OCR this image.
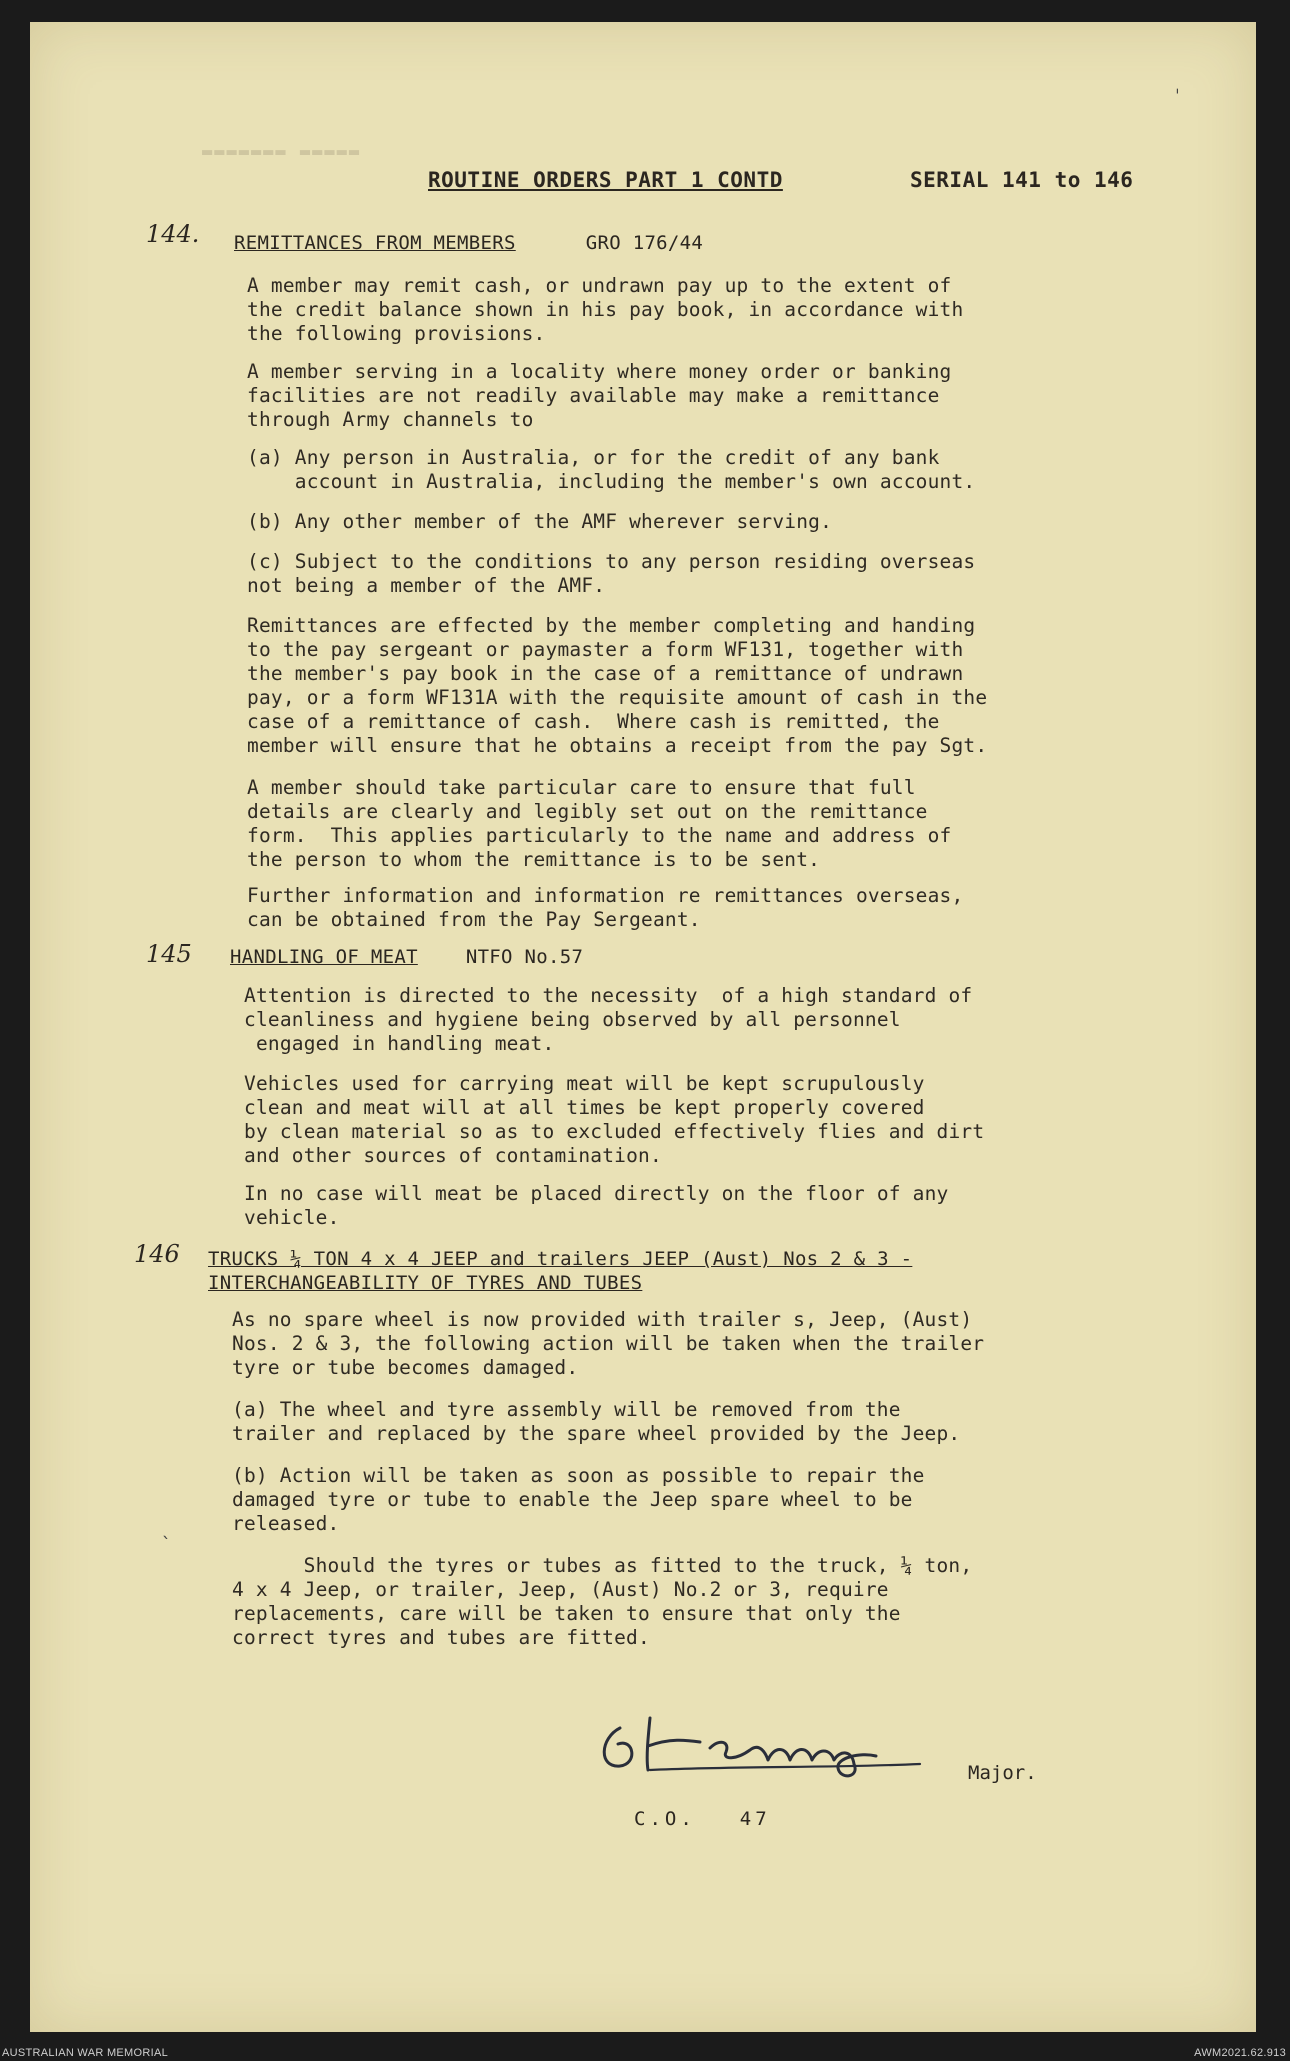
▬▬▬▬▬▬▬ ▬▬▬▬▬
ROUTINE ORDERS PART 1 CONTD	SERIAL 141 to 146
ˈ
144. REMITTANCES FROM MEMBERS	GRO 176/44
A member may remit cash, or undrawn pay up to the extent of
the credit balance shown in his pay book, in accordance with
the following provisions.
A member serving in a locality where money order or banking
facilities are not readily available may make a remittance
through Army channels to
(a) Any person in Australia, or for the credit of any bank
account in Australia, including the member's own account.
(b) Any other member of the AMF wherever serving.
(c) Subject to the conditions to any person residing overseas
not being a member of the AMF.
Remittances are effected by the member completing and handing
to the pay sergeant or paymaster a form WF131, together with
the member's pay book in the case of a remittance of undrawn
pay, or a form WF131A with the requisite amount of cash in the
case of a remittance of cash.  Where cash is remitted, the
member will ensure that he obtains a receipt from the pay Sgt.
A member should take particular care to ensure that full
details are clearly and legibly set out on the remittance
form.  This applies particularly to the name and address of
the person to whom the remittance is to be sent.
Further information and information re remittances overseas,
can be obtained from the Pay Sergeant.
145 HANDLING OF MEAT	NTFO No.57
Attention is directed to the necessity  of a high standard of
cleanliness and hygiene being observed by all personnel
engaged in handling meat.
Vehicles used for carrying meat will be kept scrupulously
clean and meat will at all times be kept properly covered
by clean material so as to excluded effectively flies and dirt
and other sources of contamination.
In no case will meat be placed directly on the floor of any
vehicle.
146 TRUCKS ¼ TON 4 x 4 JEEP and trailers JEEP (Aust) Nos 2 & 3 -
INTERCHANGEABILITY OF TYRES AND TUBES
As no spare wheel is now provided with trailer s, Jeep, (Aust)
Nos. 2 & 3, the following action will be taken when the trailer
tyre or tube becomes damaged.
(a) The wheel and tyre assembly will be removed from the
trailer and replaced by the spare wheel provided by the Jeep.
(b) Action will be taken as soon as possible to repair the
damaged tyre or tube to enable the Jeep spare wheel to be
released.
Should the tyres or tubes as fitted to the truck, ¼ ton,
4 x 4 Jeep, or trailer, Jeep, (Aust) No.2 or 3, require
replacements, care will be taken to ensure that only the
correct tyres and tubes are fitted.
ˎ
Major.
C.O. 47
AUSTRALIAN WAR MEMORIAL	AWM2021.62.913
